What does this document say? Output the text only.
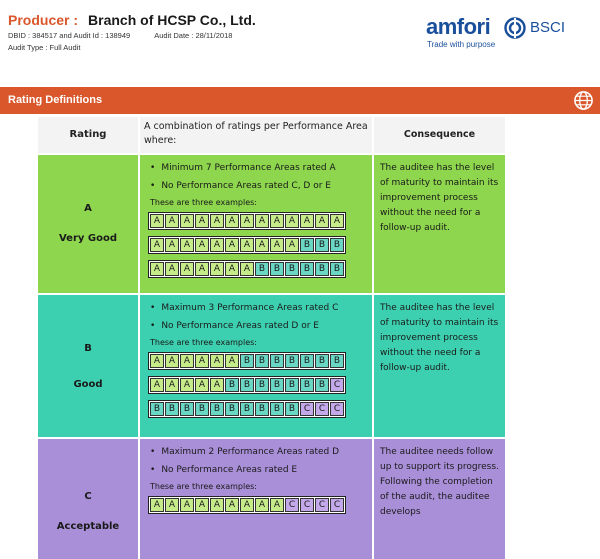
Producer : Branch of HCSP Co., Ltd.
DBID : 384517 and Audit Id : 138949	Audit Date : 28/11/2018
Audit Type : Full Audit
amfori	BSCI
Trade with purpose
Rating Definitions
Rating
A combination of ratings per Performance Area where:
Consequence
A
Very Good
• Minimum 7 Performance Areas rated A
• No Performance Areas rated C, D or E
These are three examples:
A A A A A A A A A A A A A
A A A A A A A A A A B B B
A A A A A A A B B B B B B
The auditee has the level of maturity to maintain its improvement process without the need for a follow-up audit.
B
Good
• Maximum 3 Performance Areas rated C
• No Performance Areas rated D or E
These are three examples:
A A A A A A B B B B B B B
A A A A A B B B B B B B C
B B B B B B B B B B C C C
The auditee has the level of maturity to maintain its improvement process without the need for a follow-up audit.
C
Acceptable
• Maximum 2 Performance Areas rated D
• No Performance Areas rated E
These are three examples:
A A A A A A A A A C C C C
The auditee needs follow up to support its progress. Following the completion of the audit, the auditee develops
